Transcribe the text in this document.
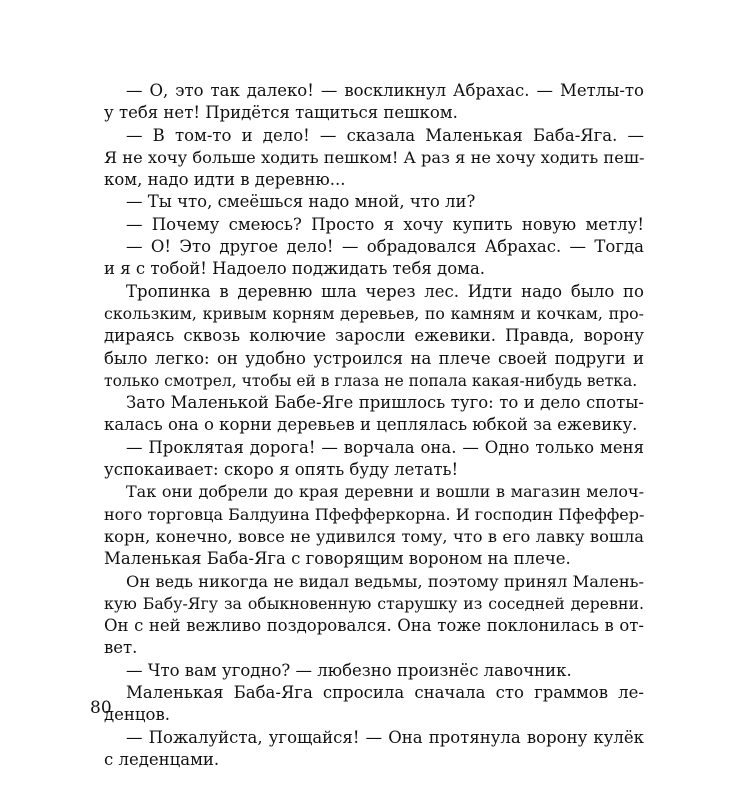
— О, это так далеко! — воскликнул Абрахас. — Метлы-то
у тебя нет! Придётся тащиться пешком.
— В том-то и дело! — сказала Маленькая Баба-Яга. —
Я не хочу больше ходить пешком! А раз я не хочу ходить пеш-
ком, надо идти в деревню...
— Ты что, смеёшься надо мной, что ли?
— Почему смеюсь? Просто я хочу купить новую метлу!
— О! Это другое дело! — обрадовался Абрахас. — Тогда
и я с тобой! Надоело поджидать тебя дома.
Тропинка в деревню шла через лес. Идти надо было по
скользким, кривым корням деревьев, по камням и кочкам, про-
дираясь сквозь колючие заросли ежевики. Правда, ворону
было легко: он удобно устроился на плече своей подруги и
только смотрел, чтобы ей в глаза не попала какая-нибудь ветка.
Зато Маленькой Бабе-Яге пришлось туго: то и дело споты-
калась она о корни деревьев и цеплялась юбкой за ежевику.
— Проклятая дорога! — ворчала она. — Одно только меня
успокаивает: скоро я опять буду летать!
Так они добрели до края деревни и вошли в магазин мелоч-
ного торговца Балдуина Пфефферкорна. И господин Пфеффер-
корн, конечно, вовсе не удивился тому, что в его лавку вошла
Маленькая Баба-Яга с говорящим вороном на плече.
Он ведь никогда не видал ведьмы, поэтому принял Малень-
кую Бабу-Ягу за обыкновенную старушку из соседней деревни.
Он с ней вежливо поздоровался. Она тоже поклонилась в от-
вет.
— Что вам угодно? — любезно произнёс лавочник.
Маленькая Баба-Яга спросила сначала сто граммов ле-
денцов.
— Пожалуйста, угощайся! — Она протянула ворону кулёк
с леденцами.
80
